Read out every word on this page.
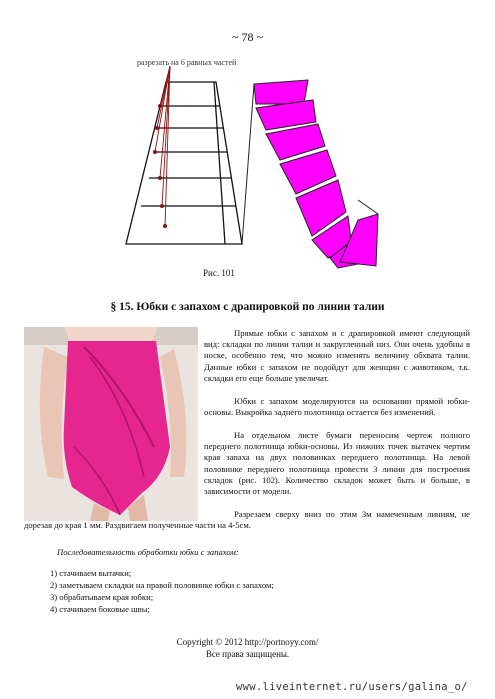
~ 78 ~
разрезать на 6 равных частей
Рис. 101
§ 15. Юбки с запахом с драпировкой по линии талии
Прямые юбки с запахом и с драпировкой имеют следующий вид: складки по линии талии и закругленный низ. Они очень удобны в носке, особенно тем, что можно изменять величину обхвата талии. Данные юбки с запахом не подойдут для женщин с животиком, т.к. складки его еще больше увеличат.
Юбки с запахом моделируются на основании прямой юбки-основы. Выкройка заднего полотнища остается без изменений.
На отдельном листе бумаги переносим чертеж полного переднего полотнища юбки-основы. Из нижних точек вытачек чертим края запаха на двух половинках переднего полотнища. На левой половинке переднего полотнища провести 3 линии для построения складок (рис. 102). Количество складок может быть и больше, в зависимости от модели.
Разрезаем сверху вниз по этим 3м намеченным линиям, не дорезая до края 1 мм. Раздвигаем полученные части на 4-5см.
Последовательность обработки юбки с запахом:
1) стачиваем вытачки;
2) заметываем складки на правой половинке юбки с запахом;
3) обрабатываем края юбки;
4) стачиваем боковые швы;
Copyright © 2012 http://portnoyy.com/
Все права защищены.
www.liveinternet.ru/users/galina_o/
